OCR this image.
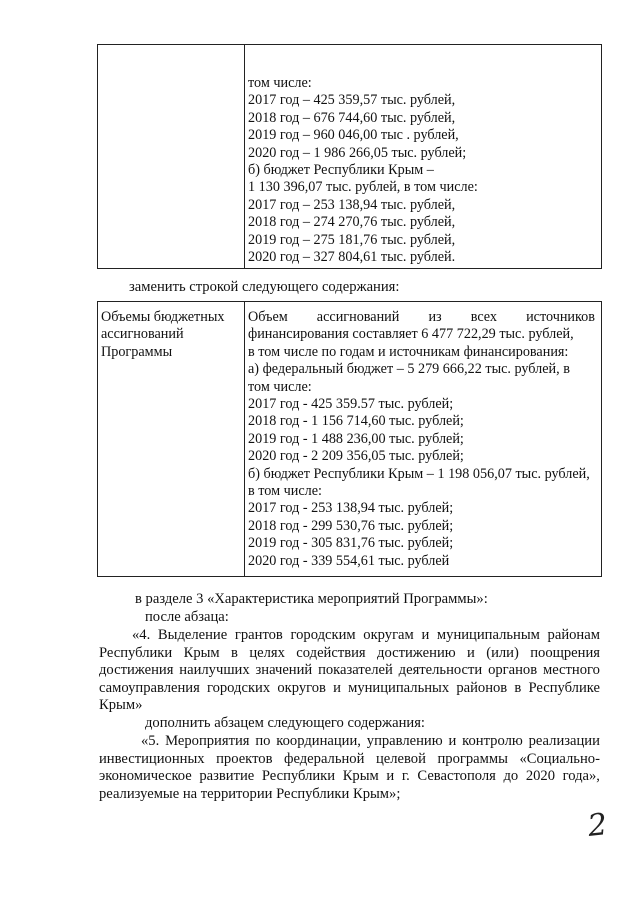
том числе:
2017 год – 425 359,57 тыс. рублей,
2018 год – 676 744,60 тыс. рублей,
2019 год – 960 046,00 тыс . рублей,
2020 год – 1 986 266,05 тыс. рублей;
б) бюджет Республики Крым –
1 130 396,07 тыс. рублей, в том числе:
2017 год – 253 138,94 тыс. рублей,
2018 год – 274 270,76 тыс. рублей,
2019 год – 275 181,76 тыс. рублей,
2020 год – 327 804,61 тыс. рублей.
заменить строкой следующего содержания:
Объемы бюджетных
ассигнований
Программы
Объем ассигнований из всех источников
финансирования составляет 6 477 722,29 тыс. рублей,
в том числе по годам и источникам финансирования:
а) федеральный бюджет – 5 279 666,22 тыс. рублей, в
том числе:
2017 год - 425 359.57 тыс. рублей;
2018 год - 1 156 714,60 тыс. рублей;
2019 год - 1 488 236,00 тыс. рублей;
2020 год - 2 209 356,05 тыс. рублей;
б) бюджет Республики Крым – 1 198 056,07 тыс. рублей,
в том числе:
2017 год - 253 138,94 тыс. рублей;
2018 год - 299 530,76 тыс. рублей;
2019 год - 305 831,76 тыс. рублей;
2020 год - 339 554,61 тыс. рублей
в разделе 3 «Характеристика мероприятий Программы»:
после абзаца:
«4. Выделение грантов городским округам и муниципальным районам
Республики Крым в целях содействия достижению и (или) поощрения
достижения наилучших значений показателей деятельности органов местного
самоуправления городских округов и муниципальных районов в Республике
Крым»
дополнить абзацем следующего содержания:
«5. Мероприятия по координации, управлению и контролю реализации
инвестиционных проектов федеральной целевой программы «Социально-
экономическое развитие Республики Крым и г. Севастополя до 2020 года»,
реализуемые на территории Республики Крым»;
2
